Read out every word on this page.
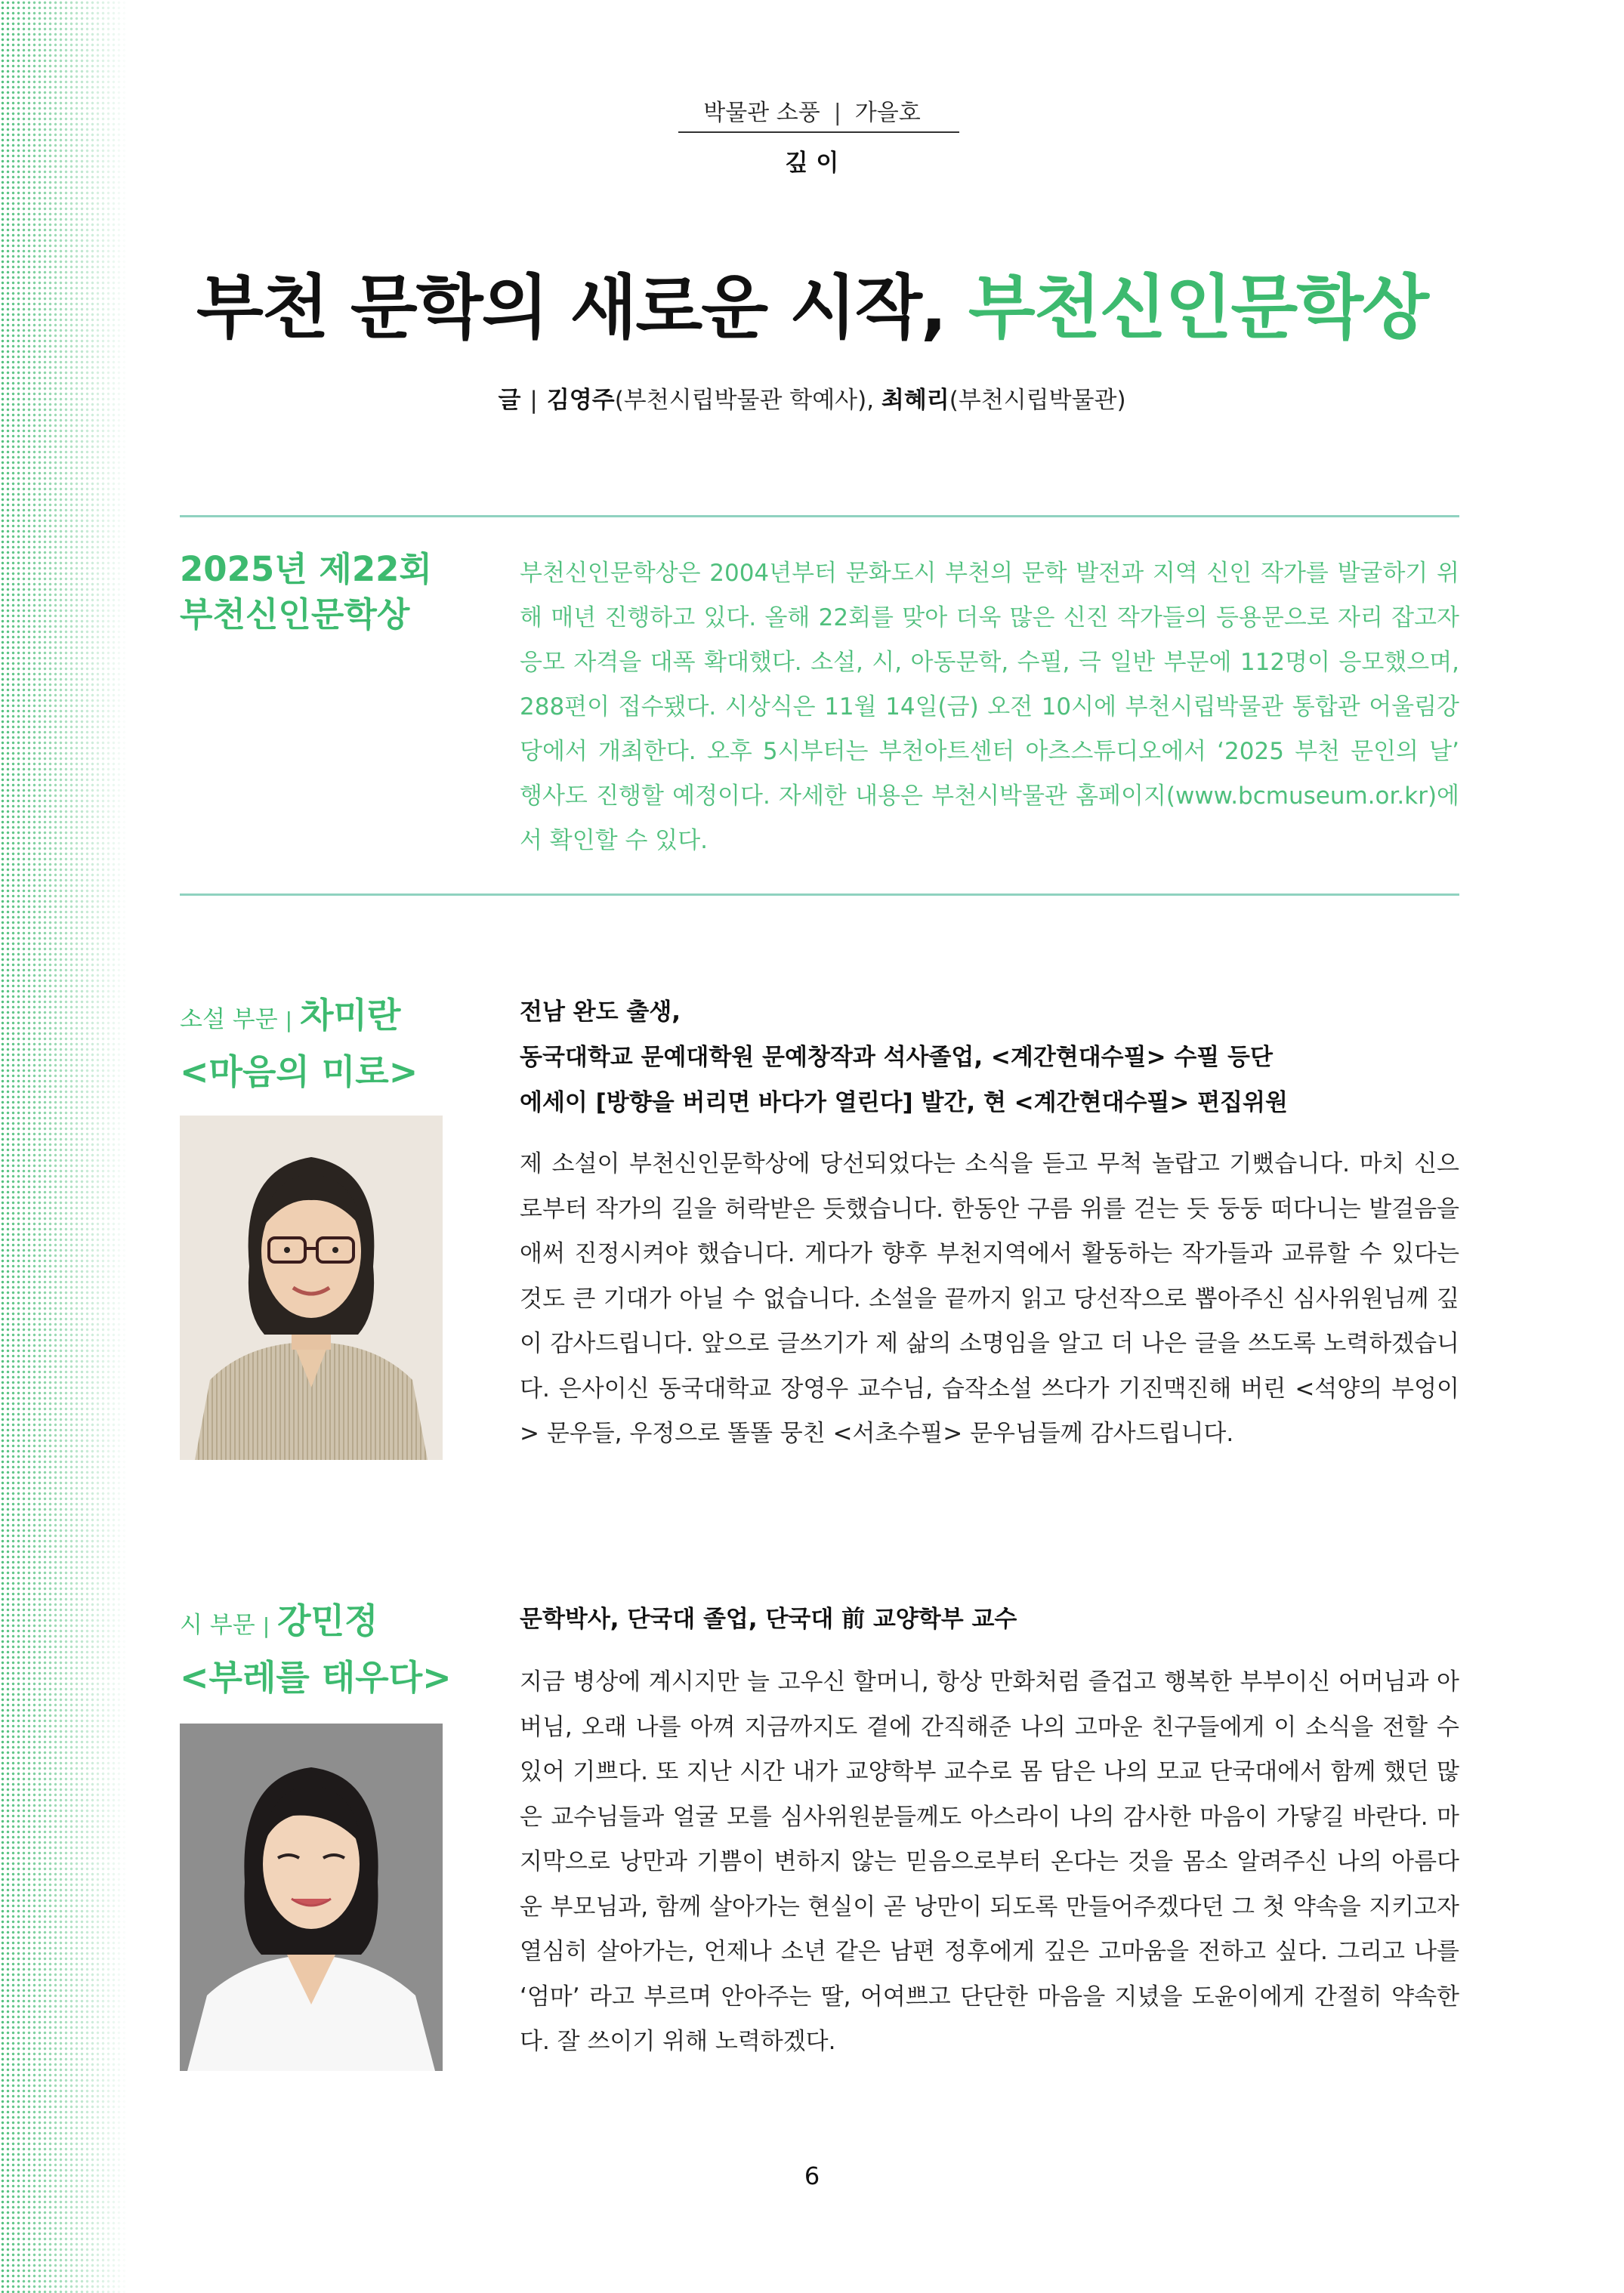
박물관 소풍 | 가을호
깊 이
부천 문학의 새로운 시작, 부천신인문학상
글 | 김영주(부천시립박물관 학예사), 최혜리(부천시립박물관)
2025년 제22회
부천신인문학상
부천신인문학상은 2004년부터 문화도시 부천의 문학 발전과 지역 신인 작가를 발굴하기 위해 매년 진행하고 있다. 올해 22회를 맞아 더욱 많은 신진 작가들의 등용문으로 자리 잡고자 응모 자격을 대폭 확대했다. 소설, 시, 아동문학, 수필, 극 일반 부문에 112명이 응모했으며, 288편이 접수됐다. 시상식은 11월 14일(금) 오전 10시에 부천시립박물관 통합관 어울림강당에서 개최한다. 오후 5시부터는 부천아트센터 아츠스튜디오에서 ‘2025 부천 문인의 날’ 행사도 진행할 예정이다. 자세한 내용은 부천시박물관 홈페이지(www.bcmuseum.or.kr)에서 확인할 수 있다.
소설 부문 | 차미란
<마음의 미로>
전남 완도 출생,
동국대학교 문예대학원 문예창작과 석사졸업, <계간현대수필> 수필 등단
에세이 [방향을 버리면 바다가 열린다] 발간, 현 <계간현대수필> 편집위원
제 소설이 부천신인문학상에 당선되었다는 소식을 듣고 무척 놀랍고 기뻤습니다. 마치 신으로부터 작가의 길을 허락받은 듯했습니다. 한동안 구름 위를 걷는 듯 둥둥 떠다니는 발걸음을 애써 진정시켜야 했습니다. 게다가 향후 부천지역에서 활동하는 작가들과 교류할 수 있다는 것도 큰 기대가 아닐 수 없습니다. 소설을 끝까지 읽고 당선작으로 뽑아주신 심사위원님께 깊이 감사드립니다. 앞으로 글쓰기가 제 삶의 소명임을 알고 더 나은 글을 쓰도록 노력하겠습니다. 은사이신 동국대학교 장영우 교수님, 습작소설 쓰다가 기진맥진해 버린 <석양의 부엉이> 문우들, 우정으로 똘똘 뭉친 <서초수필> 문우님들께 감사드립니다.
시 부문 | 강민정
<부레를 태우다>
문학박사, 단국대 졸업, 단국대 前 교양학부 교수
지금 병상에 계시지만 늘 고우신 할머니, 항상 만화처럼 즐겁고 행복한 부부이신 어머님과 아버님, 오래 나를 아껴 지금까지도 곁에 간직해준 나의 고마운 친구들에게 이 소식을 전할 수 있어 기쁘다. 또 지난 시간 내가 교양학부 교수로 몸 담은 나의 모교 단국대에서 함께 했던 많은 교수님들과 얼굴 모를 심사위원분들께도 아스라이 나의 감사한 마음이 가닿길 바란다. 마지막으로 낭만과 기쁨이 변하지 않는 믿음으로부터 온다는 것을 몸소 알려주신 나의 아름다운 부모님과, 함께 살아가는 현실이 곧 낭만이 되도록 만들어주겠다던 그 첫 약속을 지키고자 열심히 살아가는, 언제나 소년 같은 남편 정후에게 깊은 고마움을 전하고 싶다. 그리고 나를 ‘엄마’ 라고 부르며 안아주는 딸, 어여쁘고 단단한 마음을 지녔을 도윤이에게 간절히 약속한다. 잘 쓰이기 위해 노력하겠다.
6
